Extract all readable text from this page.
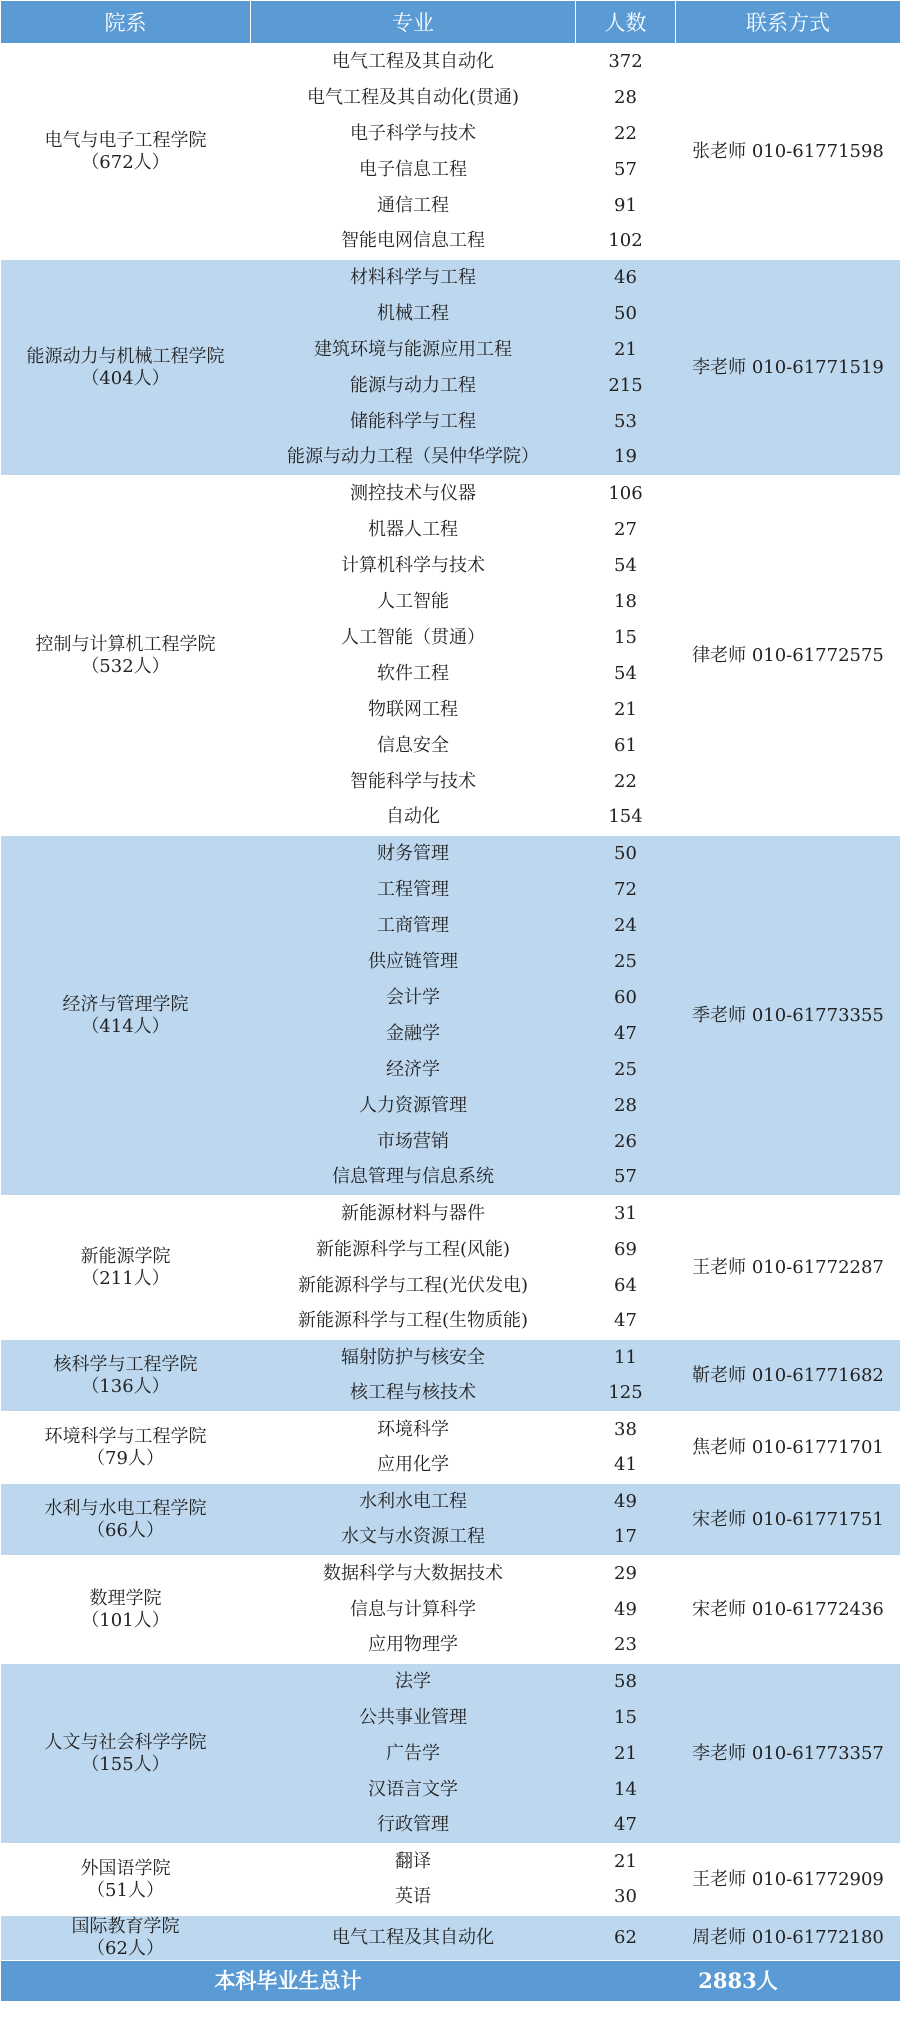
院系	专业	人数	联系方式

电气与电子工程学院
（672人）	电气工程及其自动化	372	张老师 010-61771598
	电气工程及其自动化(贯通)	28	
	电子科学与技术	22	
	电子信息工程	57	
	通信工程	91	
	智能电网信息工程	102	

能源动力与机械工程学院
（404人）	材料科学与工程	46	李老师 010-61771519
	机械工程	50	
	建筑环境与能源应用工程	21	
	能源与动力工程	215	
	储能科学与工程	53	
	能源与动力工程（吴仲华学院）	19	

控制与计算机工程学院
（532人）	测控技术与仪器	106	律老师 010-61772575
	机器人工程	27	
	计算机科学与技术	54	
	人工智能	18	
	人工智能（贯通）	15	
	软件工程	54	
	物联网工程	21	
	信息安全	61	
	智能科学与技术	22	
	自动化	154	

经济与管理学院
（414人）	财务管理	50	季老师 010-61773355
	工程管理	72	
	工商管理	24	
	供应链管理	25	
	会计学	60	
	金融学	47	
	经济学	25	
	人力资源管理	28	
	市场营销	26	
	信息管理与信息系统	57	

新能源学院
（211人）	新能源材料与器件	31	王老师 010-61772287
	新能源科学与工程(风能)	69	
	新能源科学与工程(光伏发电)	64	
	新能源科学与工程(生物质能)	47	

核科学与工程学院
（136人）	辐射防护与核安全	11	靳老师 010-61771682
	核工程与核技术	125	

环境科学与工程学院
（79人）	环境科学	38	焦老师 010-61771701
	应用化学	41	

水利与水电工程学院
（66人）	水利水电工程	49	宋老师 010-61771751
	水文与水资源工程	17	

数理学院
（101人）	数据科学与大数据技术	29	宋老师 010-61772436
	信息与计算科学	49	
	应用物理学	23	

人文与社会科学学院
（155人）	法学	58	李老师 010-61773357
	公共事业管理	15	
	广告学	21	
	汉语言文学	14	
	行政管理	47	

外国语学院
（51人）	翻译	21	王老师 010-61772909
	英语	30	

国际教育学院
（62人）	电气工程及其自动化	62	周老师 010-61772180
本科毕业生总计		2883人	
